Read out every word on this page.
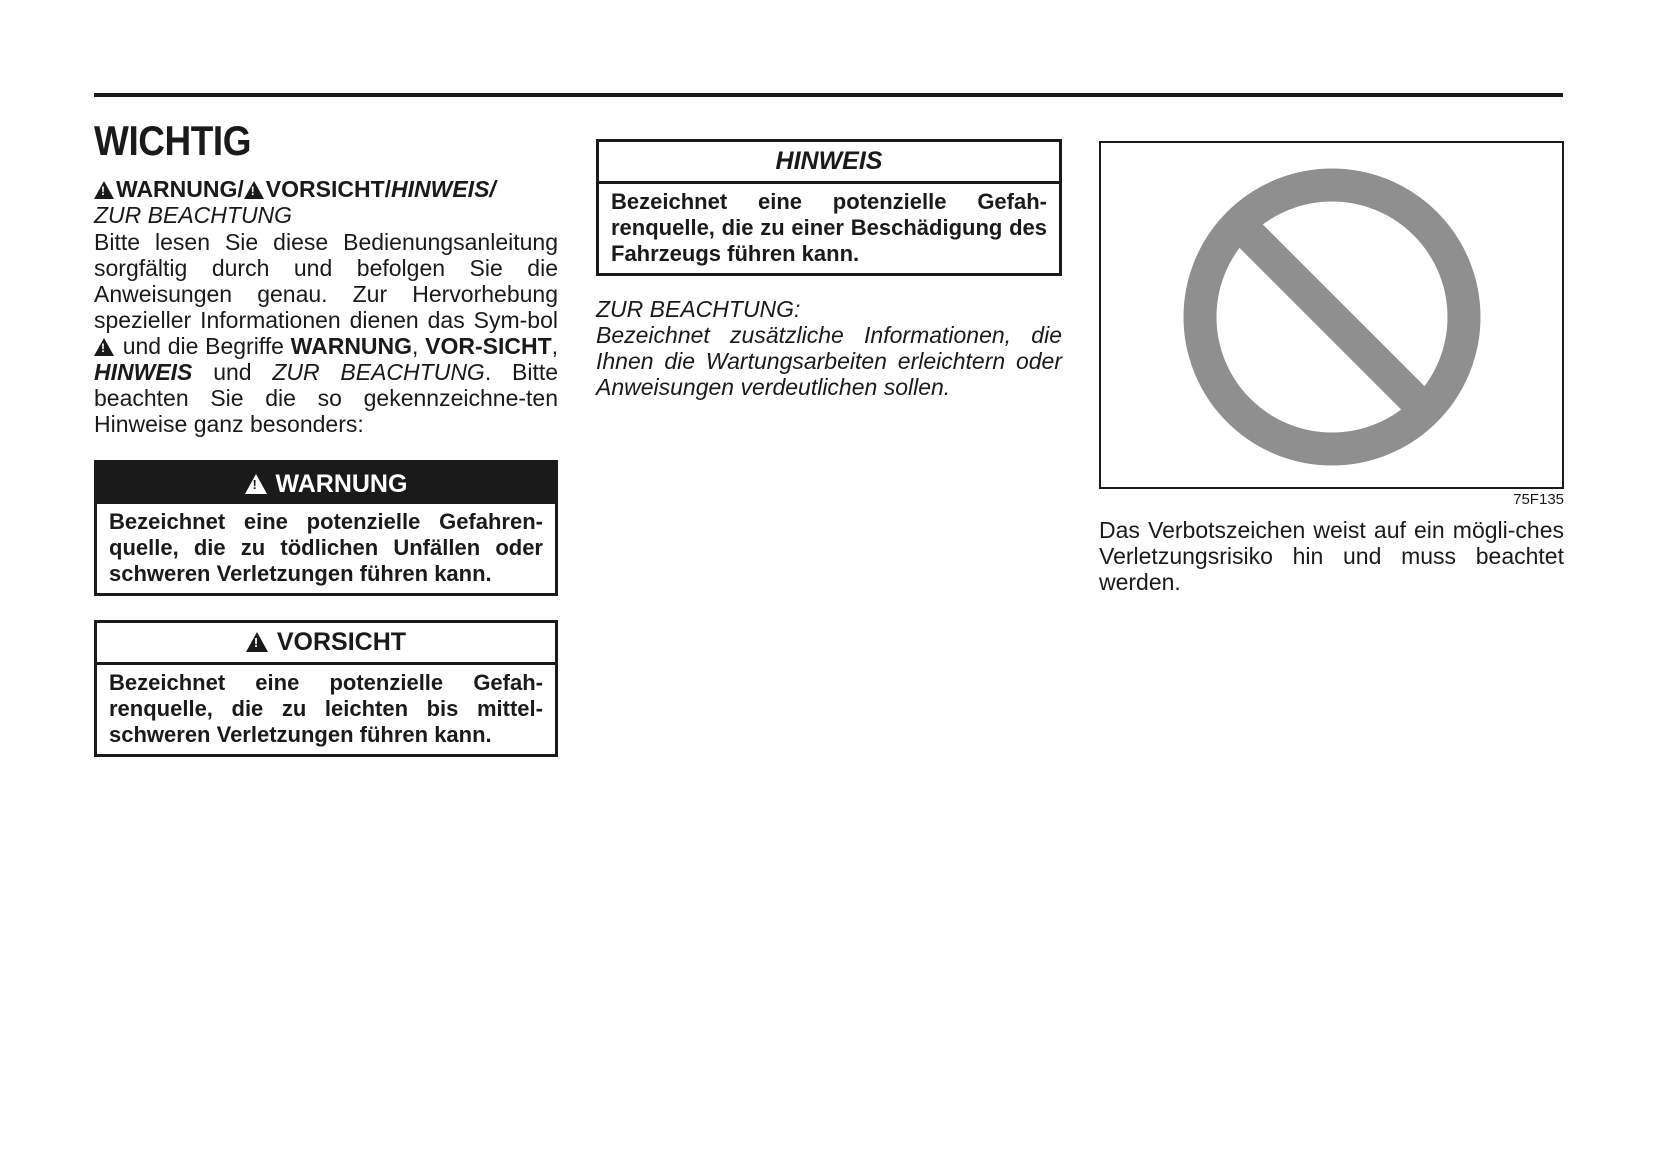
WICHTIG
!WARNUNG/! VORSICHT/HINWEIS/
ZUR BEACHTUNG
Bitte lesen Sie diese Bedienungsanleitung sorgfältig durch und befolgen Sie die Anweisungen genau. Zur Hervorhebung spezieller Informationen dienen das Sym-bol ! und die Begriffe WARNUNG, VOR-SICHT, HINWEIS und ZUR BEACHTUNG. Bitte beachten Sie die so gekennzeichne-ten Hinweise ganz besonders:
! WARNUNG
Bezeichnet eine potenzielle Gefahren-quelle, die zu tödlichen Unfällen oder schweren Verletzungen führen kann.
! VORSICHT
Bezeichnet eine potenzielle Gefah-renquelle, die zu leichten bis mittel-schweren Verletzungen führen kann.
HINWEIS
Bezeichnet eine potenzielle Gefah-renquelle, die zu einer Beschädigung des Fahrzeugs führen kann.
ZUR BEACHTUNG:
Bezeichnet zusätzliche Informationen, die Ihnen die Wartungsarbeiten erleichtern oder Anweisungen verdeutlichen sollen.
75F135
Das Verbotszeichen weist auf ein mögli-ches Verletzungsrisiko hin und muss beachtet werden.
